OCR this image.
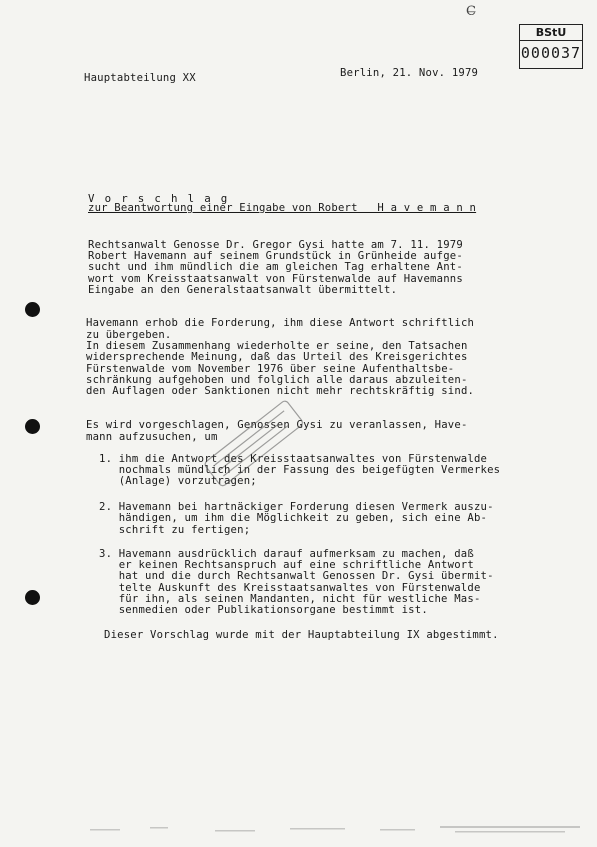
C̶
BStU
000037
Hauptabteilung XX	Berlin, 21. Nov. 1979
V o r s c h l a g
zur Beantwortung einer Eingabe von Robert   H a v e m a n n
Rechtsanwalt Genosse Dr. Gregor Gysi hatte am 7. 11. 1979
Robert Havemann auf seinem Grundstück in Grünheide aufge-
sucht und ihm mündlich die am gleichen Tag erhaltene Ant-
wort vom Kreisstaatsanwalt von Fürstenwalde auf Havemanns
Eingabe an den Generalstaatsanwalt übermittelt.
Havemann erhob die Forderung, ihm diese Antwort schriftlich
zu übergeben.
In diesem Zusammenhang wiederholte er seine, den Tatsachen
widersprechende Meinung, daß das Urteil des Kreisgerichtes
Fürstenwalde vom November 1976 über seine Aufenthaltsbe-
schränkung aufgehoben und folglich alle daraus abzuleiten-
den Auflagen oder Sanktionen nicht mehr rechtskräftig sind.
Es wird vorgeschlagen, Genossen Gysi zu veranlassen, Have-
mann aufzusuchen, um
1. ihm die Antwort des Kreisstaatsanwaltes von Fürstenwalde
nochmals mündlich in der Fassung des beigefügten Vermerkes
(Anlage) vorzutragen;
2. Havemann bei hartnäckiger Forderung diesen Vermerk auszu-
händigen, um ihm die Möglichkeit zu geben, sich eine Ab-
schrift zu fertigen;
3. Havemann ausdrücklich darauf aufmerksam zu machen, daß
er keinen Rechtsanspruch auf eine schriftliche Antwort
hat und die durch Rechtsanwalt Genossen Dr. Gysi übermit-
telte Auskunft des Kreisstaatsanwaltes von Fürstenwalde
für ihn, als seinen Mandanten, nicht für westliche Mas-
senmedien oder Publikationsorgane bestimmt ist.
Dieser Vorschlag wurde mit der Hauptabteilung IX abgestimmt.
